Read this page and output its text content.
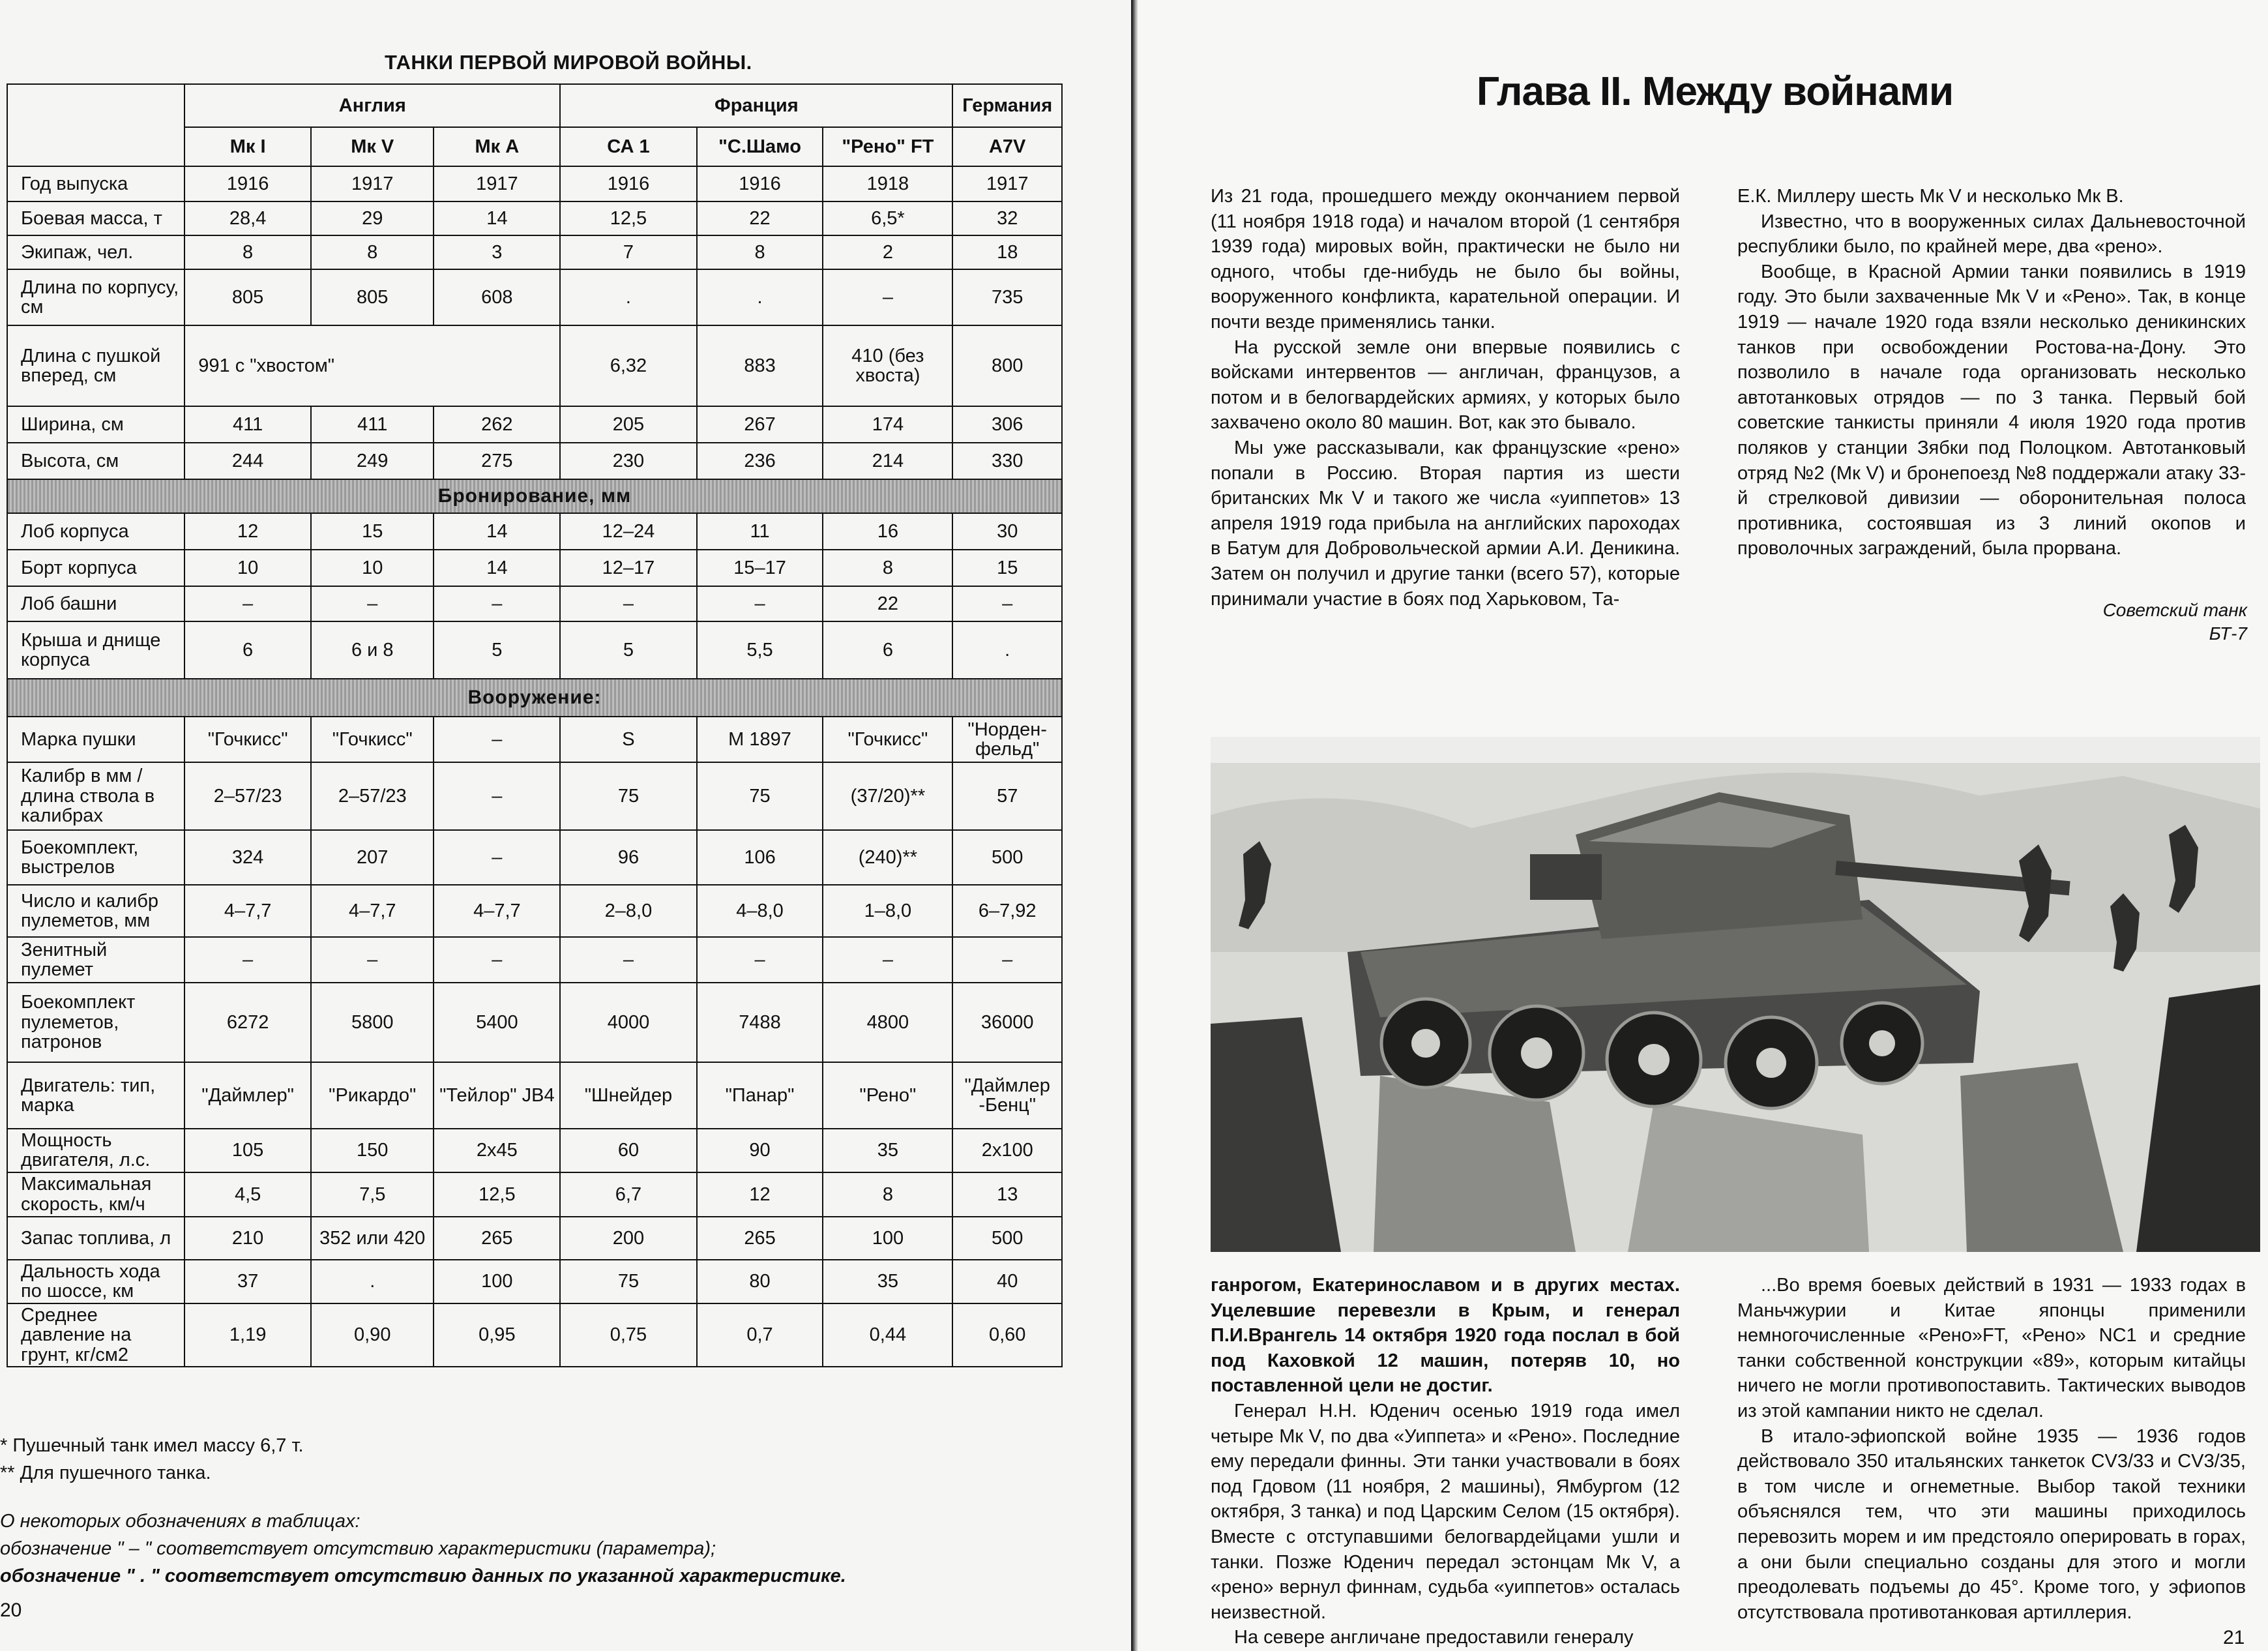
ТАНКИ ПЕРВОЙ МИРОВОЙ ВОЙНЫ.
	Англия			Франция			Германия
	Мк I	Мк V	Мк А	СА 1	"С.Шамо	"Рено" FT	A7V
Год выпуска	1916	1917	1917	1916	1916	1918	1917
Боевая масса, т	28,4	29	14	12,5	22	6,5*	32
Экипаж, чел.	8	8	3	7	8	2	18
Длина по корпусу, см	805	805	608	.	.	–	735
Длина с пушкой вперед, см	991 с "хвостом"			6,32	883	410 (без хвоста)	800
Ширина, см	411	411	262	205	267	174	306
Высота, см	244	249	275	230	236	214	330
Бронирование, мм							
Лоб корпуса	12	15	14	12–24	11	16	30
Борт корпуса	10	10	14	12–17	15–17	8	15
Лоб башни	–	–	–	–	–	22	–
Крыша и днище корпуса	6	6 и 8	5	5	5,5	6	.
Вооружение:							
Марка пушки	"Гочкисс"	"Гочкисс"	–	S	M 1897	"Гочкисс"	"Норден-фельд"
Калибр в мм / длина ствола в калибрах	2–57/23	2–57/23	–	75	75	(37/20)**	57
Боекомплект, выстрелов	324	207	–	96	106	(240)**	500
Число и калибр пулеметов, мм	4–7,7	4–7,7	4–7,7	2–8,0	4–8,0	1–8,0	6–7,92
Зенитный пулемет	–	–	–	–	–	–	–
Боекомплект пулеметов, патронов	6272	5800	5400	4000	7488	4800	36000
Двигатель: тип, марка	"Даймлер"	"Рикардо"	"Тейлор" JB4	"Шнейдер	"Панар"	"Рено"	"Даймлер -Бенц"
Мощность двигателя, л.с.	105	150	2х45	60	90	35	2х100
Максимальная скорость, км/ч	4,5	7,5	12,5	6,7	12	8	13
Запас топлива, л	210	352 или 420	265	200	265	100	500
Дальность хода по шоссе, км	37	.	100	75	80	35	40
Среднее давление на грунт, кг/см2	1,19	0,90	0,95	0,75	0,7	0,44	0,60
* Пушечный танк имел массу 6,7 т.
** Для пушечного танка.
О некоторых обозначениях в таблицах:
обозначение " – " соответствует отсутствию характеристики (параметра);
обозначение " . " соответствует отсутствию данных по указанной характеристике.
20
Глава II. Между войнами

Из 21 года, прошедшего между окончанием первой (11 ноября 1918 года) и началом второй (1 сентября 1939 года) мировых войн, практически не было ни одного, чтобы где-нибудь не было бы войны, вооруженного конфликта, карательной операции. И почти везде применялись танки.

На русской земле они впервые появились с войсками интервентов — англичан, французов, а потом и в белогвардейских армиях, у которых было захвачено около 80 машин. Вот, как это бывало.

Мы уже рассказывали, как французские «рено» попали в Россию. Вторая партия из шести британских Мк V и такого же числа «уиппетов» 13 апреля 1919 года прибыла на английских пароходах в Батум для Добровольческой армии А.И. Деникина. Затем он получил и другие танки (всего 57), которые принимали участие в боях под Харьковом, Та-

Е.К. Миллеру шесть Мк V и несколько Мк В.

Известно, что в вооруженных силах Дальневосточной республики было, по крайней мере, два «рено».

Вообще, в Красной Армии танки появились в 1919 году. Это были захваченные Мк V и «Рено». Так, в конце 1919 — начале 1920 года взяли несколько деникинских танков при освобождении Ростова-на-Дону. Это позволило в начале года организовать несколько автотанковых отрядов — по 3 танка. Первый бой советские танкисты приняли 4 июля 1920 года против поляков у станции Зябки под Полоцком. Автотанковый отряд №2 (Мк V) и бронепоезд №8 поддержали атаку 33-й стрелковой дивизии — оборонительная полоса противника, состоявшая из 3 линий окопов и проволочных заграждений, была прорвана.

Советский танк БТ-7

ганрогом, Екатеринославом и в других местах. Уцелевшие перевезли в Крым, и генерал П.И.Врангель 14 октября 1920 года послал в бой под Каховкой 12 машин, потеряв 10, но поставленной цели не достиг.

Генерал Н.Н. Юденич осенью 1919 года имел четыре Мк V, по два «Уиппета» и «Рено». Последние ему передали финны. Эти танки участвовали в боях под Гдовом (11 ноября, 2 машины), Ямбургом (12 октября, 3 танка) и под Царским Селом (15 октября). Вместе с отступавшими белогвардейцами ушли и танки. Позже Юденич передал эстонцам Мк V, а «рено» вернул финнам, судьба «уиппетов» осталась неизвестной.

На севере англичане предоставили генералу

...Во время боевых действий в 1931 — 1933 годах в Маньчжурии и Китае японцы применили немногочисленные «Рено»FT, «Рено» NC1 и средние танки собственной конструкции «89», которым китайцы ничего не могли противопоставить. Тактических выводов из этой кампании никто не сделал.

В итало-эфиопской войне 1935 — 1936 годов действовало 350 итальянских танкеток CV3/33 и CV3/35, в том числе и огнеметные. Выбор такой техники объяснялся тем, что эти машины приходилось перевозить морем и им предстояло оперировать в горах, а они были специально созданы для этого и могли преодолевать подъемы до 45°. Кроме того, у эфиопов отсутствовала противотанковая артиллерия.

21
